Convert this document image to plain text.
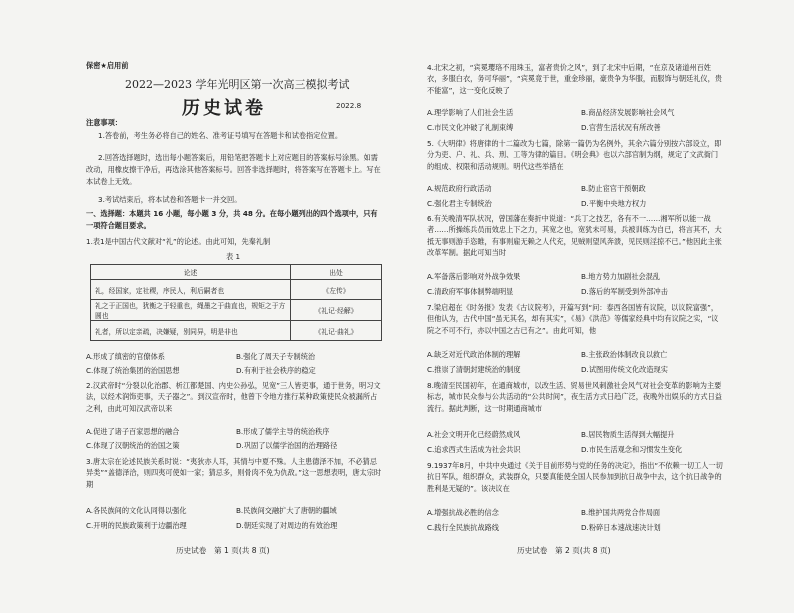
保密★启用前
2022—2023 学年光明区第一次高三模拟考试
历史试卷	2022.8
注意事项：
1.答卷前，考生务必将自己的姓名、准考证号填写在答题卡和试卷指定位置。
2.回答选择题时，选出每小题答案后，用铅笔把答题卡上对应题目的答案标号涂黑。如需改动，用橡皮擦干净后，再选涂其他答案标号。回答非选择题时，将答案写在答题卡上。写在本试卷上无效。
3.考试结束后，将本试卷和答题卡一并交回。
一、选择题：本题共 16 小题，每小题 3 分，共 48 分。在每小题列出的四个选项中，只有一项符合题目要求。
1.表1是中国古代文献对“礼”的论述。由此可知，先秦礼制
表 1
论述	出处
礼，经国家，定社稷，序民人，利后嗣者也	《左传》
礼之于正国也，犹衡之于轻重也，绳墨之于曲直也，规矩之于方圆也	《礼记·经解》
礼者，所以定亲疏，决嫌疑，别同异，明是非也	《礼记·曲礼》
A.形成了缜密的官僚体系	B.强化了周天子专制统治
C.体现了统治集团的治国思想	D.有利于社会秩序的稳定
2.汉武帝时“分裂以化治郡、析江都楚国、内史公孙弘，见宽”三人皆吏事，通于世务，明习文法，以经术润饰吏事，天子器之”。到汉宣帝时，他曾下令地方推行某种政策使民众被漏所占之利，由此可知汉武帝以来
A.促进了诸子百家思想的融合	B.形成了儒学主导的统治秩序
C.体现了汉朝统治的治国之策	D.巩固了以儒学治国的治理路径
3.唐太宗在论述民族关系时说：“夷狄亦人耳，其情与中夏不殊。人主患德泽不加，不必猜忌异类”“盖德泽洽，则四夷可使如一家；猜忌多，则骨肉不免为仇敌。”这一思想表明，唐太宗时期
A.各民族间的文化认同得以强化	B.民族间交融扩大了唐朝的疆域
C.开明的民族政策利于边疆治理	D.朝廷实现了对周边的有效治理
历史试卷　第 1 页(共 8 页)
4.北宋之初，“宾冕璎珞不用珠玉，富者贵价之风”，到了北宋中后期，“在京及诸道州百姓衣，多服白衣，务可华丽”，“宾冕竟于世，重金珍丽，豪贵争为华服，而服饰与朝廷礼仪，贵不能富”，这一变化反映了
A.理学影响了人们社会生活	B.商品经济发展影响社会风气
C.市民文化冲破了礼制束缚	D.官营生活状况有所改善
5.《大明律》将唐律的十二篇改为七篇，除第一篇仍为名例外，其余六篇分别按六部设立，即分为吏、户、礼、兵、刑、工等为律的篇目。《明会典》也以六部官制为纲，规定了文武衙门的组成、权限和活动规则。明代这些举措在
A.规范政府行政活动	B.防止宦官干预朝政
C.强化君主专制统治	D.平衡中央地方权力
6.有关晚清军队状况，曾国藩在奏折中说道：“兵丁之技艺，各有不一……湘军所以能一战者……所操练兵员而效忠上下之力，其宽之也，宽犹未可易，兵被训练为自已，将言其不，大抵无事则游手恣睢，有事则雇无赖之人代充，见贼则望风奔溃，见民则淫掠不已。”他因此主张改革军制。据此可知当时
A.军备落后影响对外战争效果	B.地方势力加剧社会混乱
C.清政府军事体制弊端明显	D.落后的军制受到外部冲击
7.梁启超在《时务报》发表《古议院考》，开篇写到“问：泰西各国皆有议院，以议院富强”，但他认为，古代中国“虽无其名，却有其实”，《易》《洪范》等儒家经典中均有议院之实，“议院之不可不行，亦以中国之古已有之”。由此可知，他
A.缺乏对近代政治体制的理解	B.主张政治体制改良以救亡
C.推崇了清朝封建统治的制度	D.试图用传统文化改造现实
8.晚清至民国初年，在通商城市，以改生活、贸易世风刺激社会风气对社会变革的影响为主要标志，城市民众参与公共活动的“公共时间”，夜生活方式日趋广泛，夜晚外出娱乐的方式日益流行。据此判断，这一时期通商城市
A.社会文明开化已经蔚然成风	B.居民物质生活得到大幅提升
C.追求西式生活成为社会共识	D.市民生活观念和习惯发生变化
9.1937年8月，中共中央通过《关于目前形势与党的任务的决定》，指出“不依赖一切工人一切抗日军队，组织群众，武装群众，只要真能使全国人民参加到抗日战争中去，这个抗日战争的胜利是无疑的”。该决议在
A.增强抗战必胜的信念	B.维护国共两党合作局面
C.践行全民族抗战路线	D.粉碎日本速战速决计划
历史试卷　第 2 页(共 8 页)
